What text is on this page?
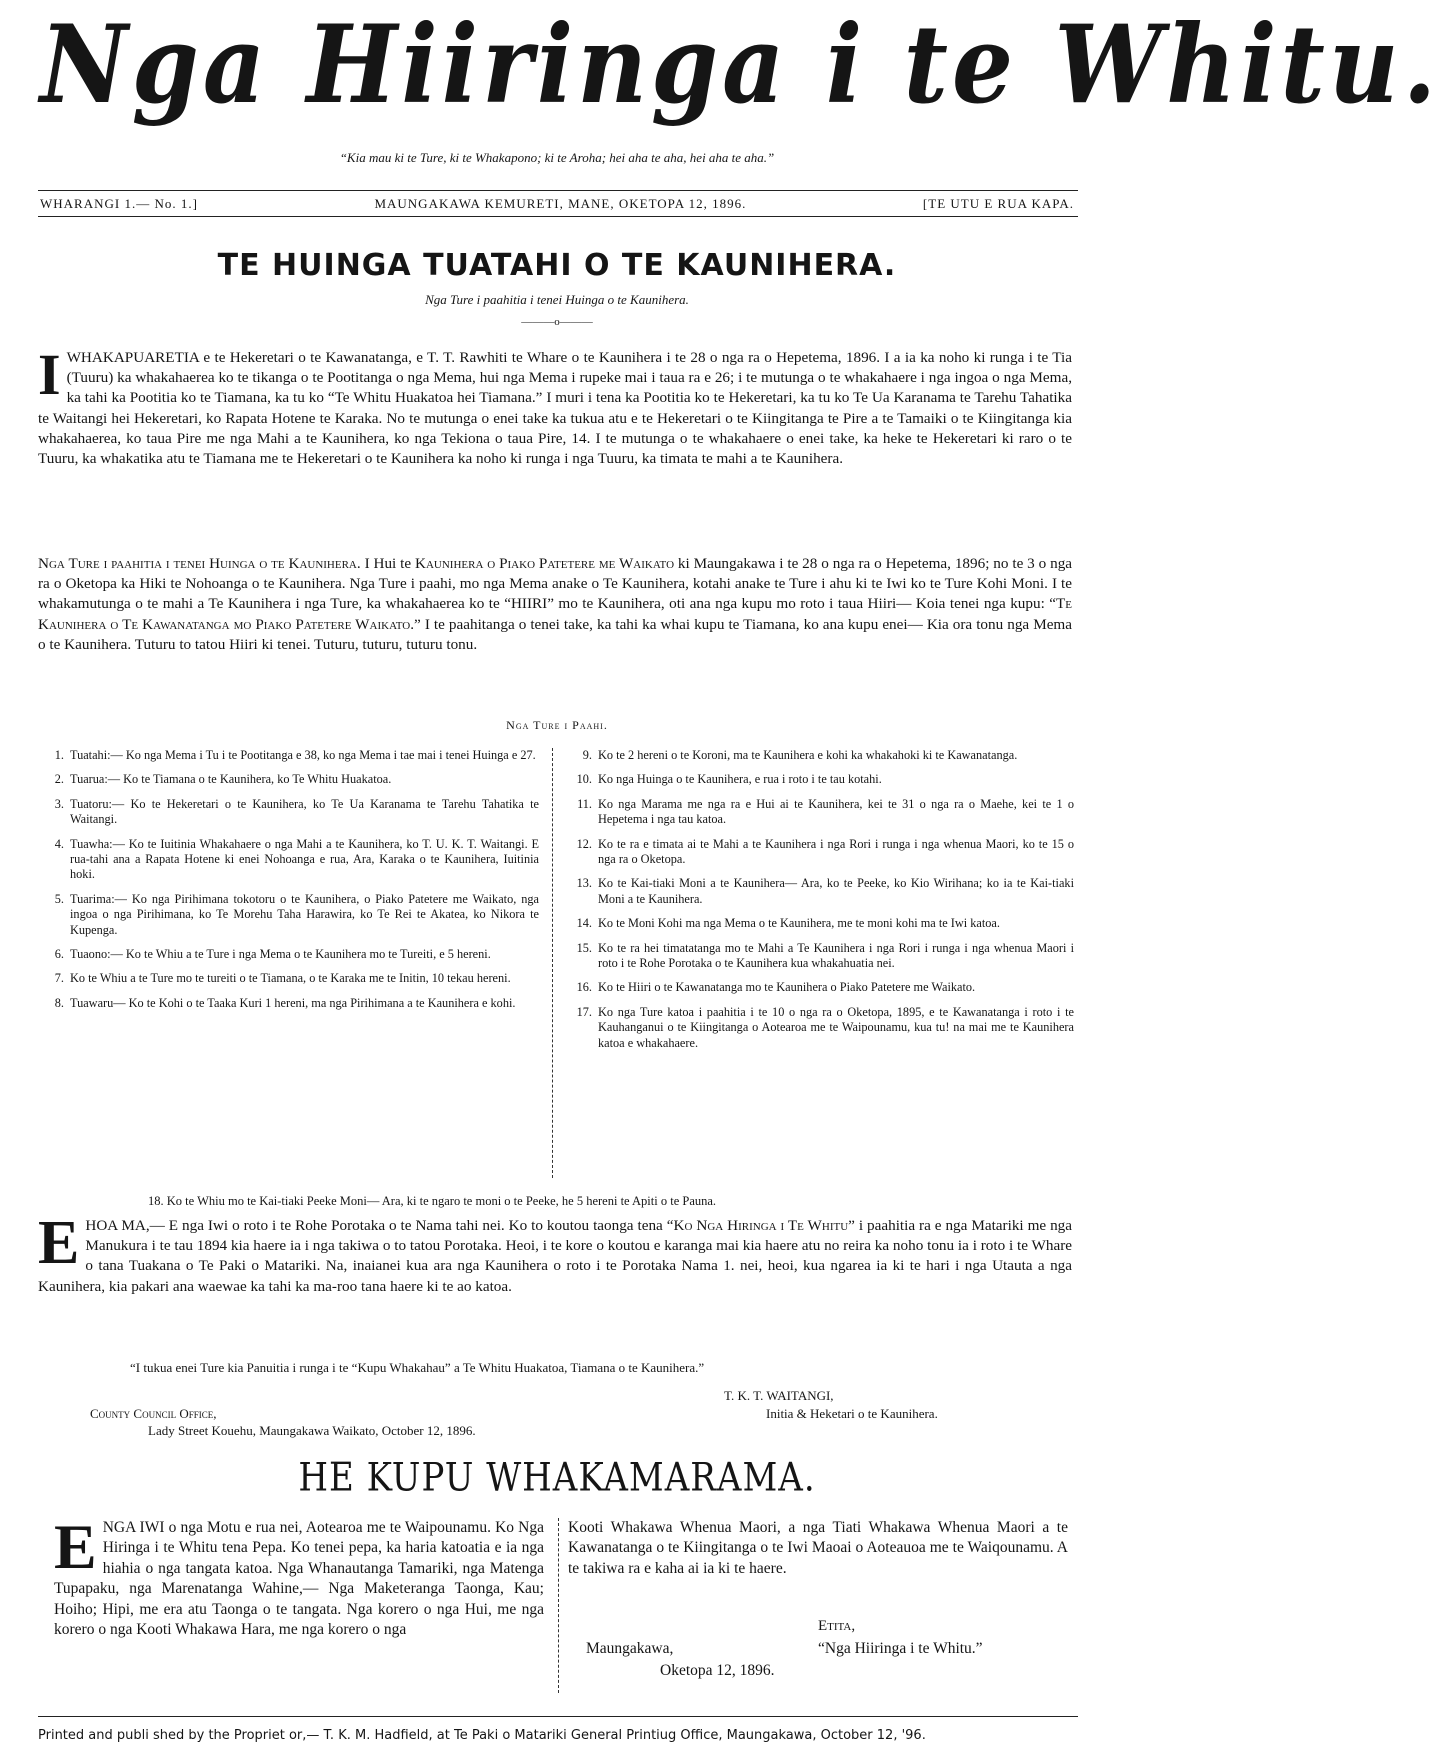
Nga Hiiringa i te Whitu.
“Kia mau ki te Ture, ki te Whakapono; ki te Aroha; hei aha te aha, hei aha te aha.”
WHARANGI 1.— No. 1.]	MAUNGAKAWA KEMURETI, MANE, OKETOPA 12, 1896.	[TE UTU E RUA KAPA.
TE HUINGA TUATAHI O TE KAUNIHERA.
Nga Ture i paahitia i tenei Huinga o te Kaunihera.
———o———
IWHAKAPUARETIA e te Hekeretari o te Kawanatanga, e T. T. Rawhiti te Whare o te Kaunihera i te 28 o nga ra o Hepetema, 1896. I a ia ka noho ki runga i te Tia (Tuuru) ka whakahaerea ko te tikanga o te Pootitanga o nga Mema, hui nga Mema i rupeke mai i taua ra e 26; i te mutunga o te whakahaere i nga ingoa o nga Mema, ka tahi ka Pootitia ko te Tiamana, ka tu ko “Te Whitu Huakatoa hei Tiamana.” I muri i tena ka Pootitia ko te Hekeretari, ka tu ko Te Ua Karanama te Tarehu Tahatika te Waitangi hei Hekeretari, ko Rapata Hotene te Karaka. No te mutunga o enei take ka tukua atu e te Hekeretari o te Kiingitanga te Pire a te Tamaiki o te Kiingitanga kia whakahaerea, ko taua Pire me nga Mahi a te Kaunihera, ko nga Tekiona o taua Pire, 14. I te mutunga o te whakahaere o enei take, ka heke te Hekeretari ki raro o te Tuuru, ka whakatika atu te Tiamana me te Hekeretari o te Kaunihera ka noho ki runga i nga Tuuru, ka timata te mahi a te Kaunihera.
Nga Ture i paahitia i tenei Huinga o te Kaunihera. I Hui te Kaunihera o Piako Patetere me Waikato ki Maungakawa i te 28 o nga ra o Hepetema, 1896; no te 3 o nga ra o Oketopa ka Hiki te Nohoanga o te Kaunihera. Nga Ture i paahi, mo nga Mema anake o Te Kaunihera, kotahi anake te Ture i ahu ki te Iwi ko te Ture Kohi Moni. I te whakamutunga o te mahi a Te Kaunihera i nga Ture, ka whakahaerea ko te “HIIRI” mo te Kaunihera, oti ana nga kupu mo roto i taua Hiiri— Koia tenei nga kupu: “Te Kaunihera o Te Kawanatanga mo Piako Patetere Waikato.” I te paahitanga o tenei take, ka tahi ka whai kupu te Tiamana, ko ana kupu enei— Kia ora tonu nga Mema o te Kaunihera. Tuturu to tatou Hiiri ki tenei. Tuturu, tuturu, tuturu tonu.
Nga Ture i Paahi.
1. Tuatahi:— Ko nga Mema i Tu i te Pootitanga e 38, ko nga Mema i tae mai i tenei Huinga e 27.
2. Tuarua:— Ko te Tiamana o te Kaunihera, ko Te Whitu Huakatoa.
3. Tuatoru:— Ko te Hekeretari o te Kaunihera, ko Te Ua Karanama te Tarehu Tahatika te Waitangi.
4. Tuawha:— Ko te Iuitinia Whakahaere o nga Mahi a te Kaunihera, ko T. U. K. T. Waitangi. E rua-tahi ana a Rapata Hotene ki enei Nohoanga e rua, Ara, Karaka o te Kaunihera, Iuitinia hoki.
5. Tuarima:— Ko nga Pirihimana tokotoru o te Kaunihera, o Piako Patetere me Waikato, nga ingoa o nga Pirihimana, ko Te Morehu Taha Harawira, ko Te Rei te Akatea, ko Nikora te Kupenga.
6. Tuaono:— Ko te Whiu a te Ture i nga Mema o te Kaunihera mo te Tureiti, e 5 hereni.
7. Ko te Whiu a te Ture mo te tureiti o te Tiamana, o te Karaka me te Initin, 10 tekau hereni.
8. Tuawaru— Ko te Kohi o te Taaka Kuri 1 hereni, ma nga Pirihimana a te Kaunihera e kohi.
9. Ko te 2 hereni o te Koroni, ma te Kaunihera e kohi ka whakahoki ki te Kawanatanga.
10. Ko nga Huinga o te Kaunihera, e rua i roto i te tau kotahi.
11. Ko nga Marama me nga ra e Hui ai te Kaunihera, kei te 31 o nga ra o Maehe, kei te 1 o Hepetema i nga tau katoa.
12. Ko te ra e timata ai te Mahi a te Kaunihera i nga Rori i runga i nga whenua Maori, ko te 15 o nga ra o Oketopa.
13. Ko te Kai-tiaki Moni a te Kaunihera— Ara, ko te Peeke, ko Kio Wirihana; ko ia te Kai-tiaki Moni a te Kaunihera.
14. Ko te Moni Kohi ma nga Mema o te Kaunihera, me te moni kohi ma te Iwi katoa.
15. Ko te ra hei timatatanga mo te Mahi a Te Kaunihera i nga Rori i runga i nga whenua Maori i roto i te Rohe Porotaka o te Kaunihera kua whakahuatia nei.
16. Ko te Hiiri o te Kawanatanga mo te Kaunihera o Piako Patetere me Waikato.
17. Ko nga Ture katoa i paahitia i te 10 o nga ra o Oketopa, 1895, e te Kawanatanga i roto i te Kauhanganui o te Kiingitanga o Aotearoa me te Waipounamu, kua tu! na mai me te Kaunihera katoa e whakahaere.
18. Ko te Whiu mo te Kai-tiaki Peeke Moni— Ara, ki te ngaro te moni o te Peeke, he 5 hereni te Apiti o te Pauna.
EHOA MA,— E nga Iwi o roto i te Rohe Porotaka o te Nama tahi nei. Ko to koutou taonga tena “Ko Nga Hiringa i Te Whitu” i paahitia ra e nga Matariki me nga Manukura i te tau 1894 kia haere ia i nga takiwa o to tatou Porotaka. Heoi, i te kore o koutou e karanga mai kia haere atu no reira ka noho tonu ia i roto i te Whare o tana Tuakana o Te Paki o Matariki. Na, inaianei kua ara nga Kaunihera o roto i te Porotaka Nama 1. nei, heoi, kua ngarea ia ki te hari i nga Utauta a nga Kaunihera, kia pakari ana waewae ka tahi ka ma-roo tana haere ki te ao katoa.
“I tukua enei Ture kia Panuitia i runga i te “Kupu Whakahau” a Te Whitu Huakatoa, Tiamana o te Kaunihera.”
T. K. T. WAITANGI,
Initia & Heketari o te Kaunihera.
County Council Office,
Lady Street Kouehu, Maungakawa Waikato, October 12, 1896.
HE KUPU WHAKAMARAMA.
ENGA IWI o nga Motu e rua nei, Aotearoa me te Waipounamu. Ko Nga Hiringa i te Whitu tena Pepa. Ko tenei pepa, ka haria katoatia e ia nga hiahia o nga tangata katoa. Nga Whanautanga Tamariki, nga Matenga Tupapaku, nga Marenatanga Wahine,— Nga Maketeranga Taonga, Kau; Hoiho; Hipi, me era atu Taonga o te tangata. Nga korero o nga Hui, me nga korero o nga Kooti Whakawa Hara, me nga korero o nga
Kooti Whakawa Whenua Maori, a nga Tiati Whakawa Whenua Maori a te Kawanatanga o te Kiingitanga o te Iwi Maoai o Aoteauoa me te Waiqounamu. A te takiwa ra e kaha ai ia ki te haere.
Etita,
Maungakawa,	“Nga Hiiringa i te Whitu.”
Oketopa 12, 1896.
Printed and publi shed by the Propriet or,— T. K. M. Hadfield, at Te Paki o Matariki General Printiug Office, Maungakawa, October 12, '96.
